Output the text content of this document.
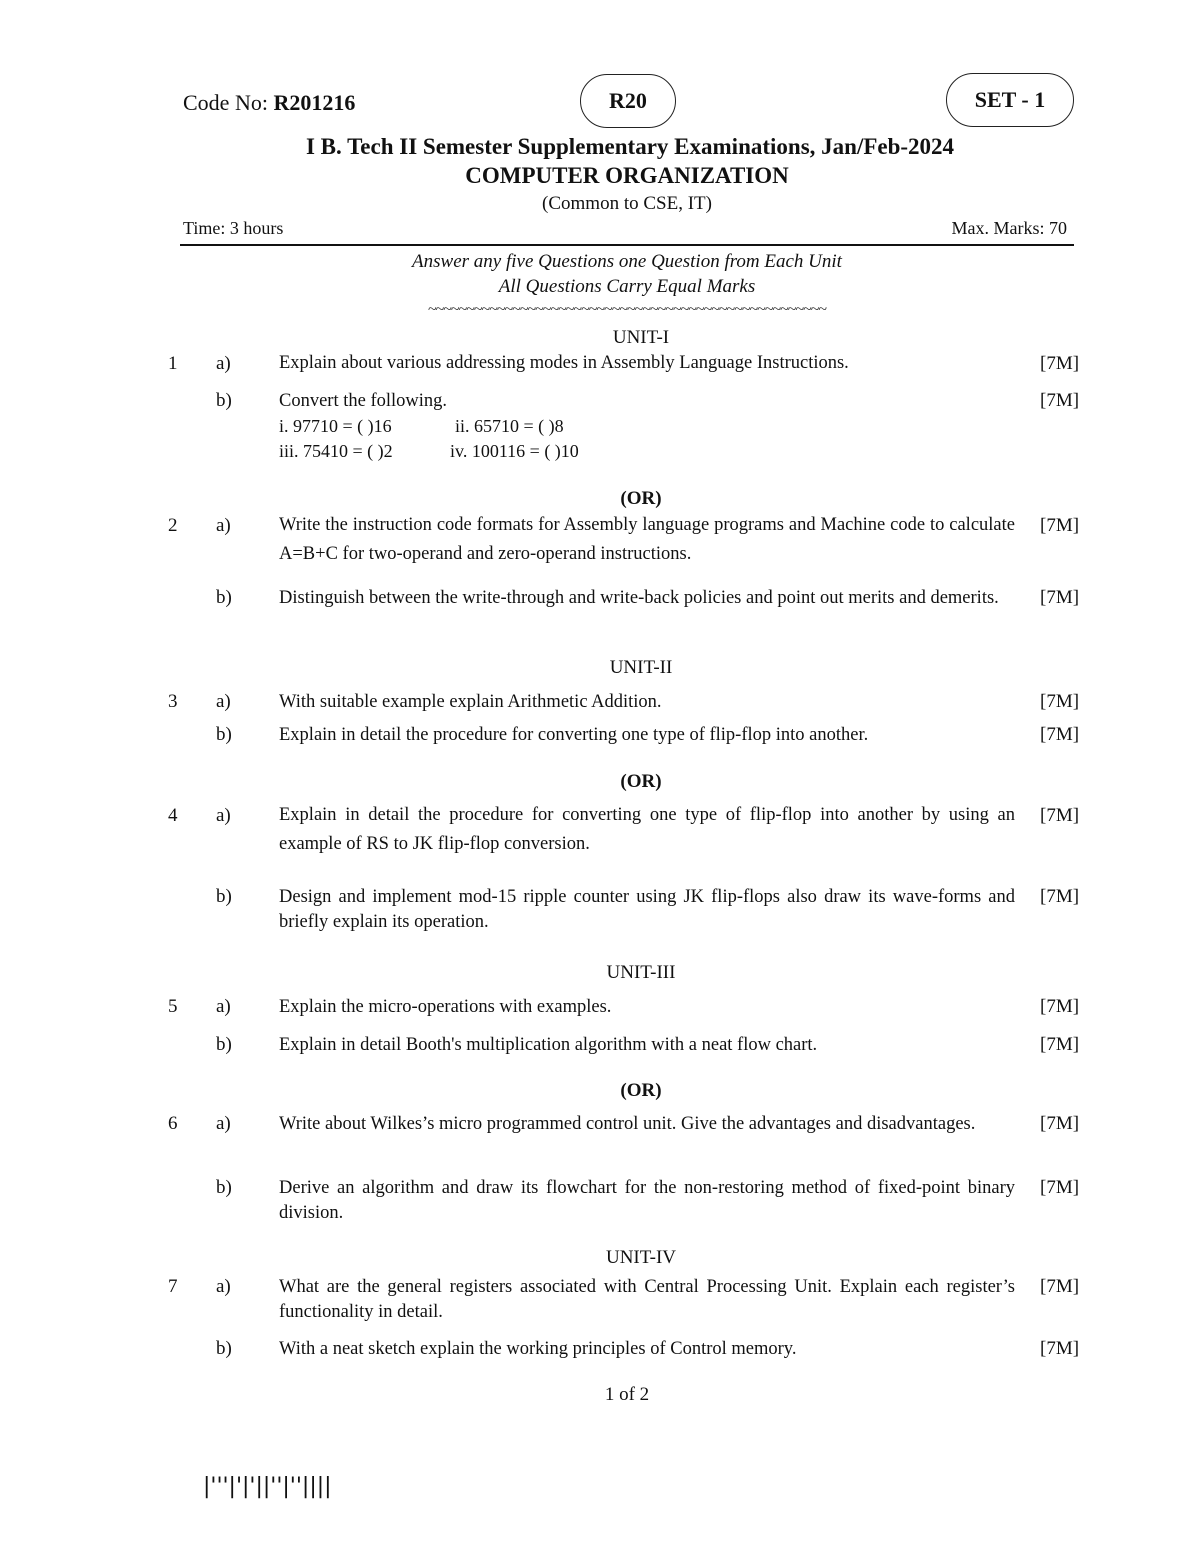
Code No: R201216	R20	SET - 1
I B. Tech II Semester Supplementary Examinations, Jan/Feb-2024
COMPUTER ORGANIZATION
(Common to CSE, IT)
Time: 3 hours	Max. Marks: 70
Answer any five Questions one Question from Each Unit
All Questions Carry Equal Marks
~~~~~~~~~~~~~~~~~~~~~~~~~~~~~~~~~~~~~~~~~~~~~~~~~~~~
UNIT-I
1 a)	Explain about various addressing modes in Assembly Language Instructions.	[7M]
b)	Convert the following.	[7M]
i. 97710 = ( )16	ii. 65710 = ( )8
iii. 75410 = ( )2	iv. 100116 = ( )10
(OR)
2 a)	Write the instruction code formats for Assembly language programs and Machine code to calculate A=B+C for two-operand and zero-operand instructions.
[7M]
b)	Distinguish between the write-through and write-back policies and point out merits and demerits.	[7M]
UNIT-II
3 a)	With suitable example explain Arithmetic Addition.	[7M]
b)	Explain in detail the procedure for converting one type of flip-flop into another.	[7M]
(OR)
4 a)	Explain in detail the procedure for converting one type of flip-flop into another by using an example of RS to JK flip-flop conversion.
[7M]
b)	Design and implement mod-15 ripple counter using JK flip-flops also draw its wave-forms and briefly explain its operation.
[7M]
UNIT-III
5 a)	Explain the micro-operations with examples.	[7M]
b)	Explain in detail Booth's multiplication algorithm with a neat flow chart.	[7M]
(OR)
6 a)	Write about Wilkes’s micro programmed control unit. Give the advantages and disadvantages.	[7M]
b)	Derive an algorithm and draw its flowchart for the non-restoring method of fixed-point binary division.
[7M]
UNIT-IV
7 a)	What are the general registers associated with Central Processing Unit. Explain each register’s functionality in detail.
[7M]
b)	With a neat sketch explain the working principles of Control memory.	[7M]
1 of 2
|'''|'|'||''|''||||
